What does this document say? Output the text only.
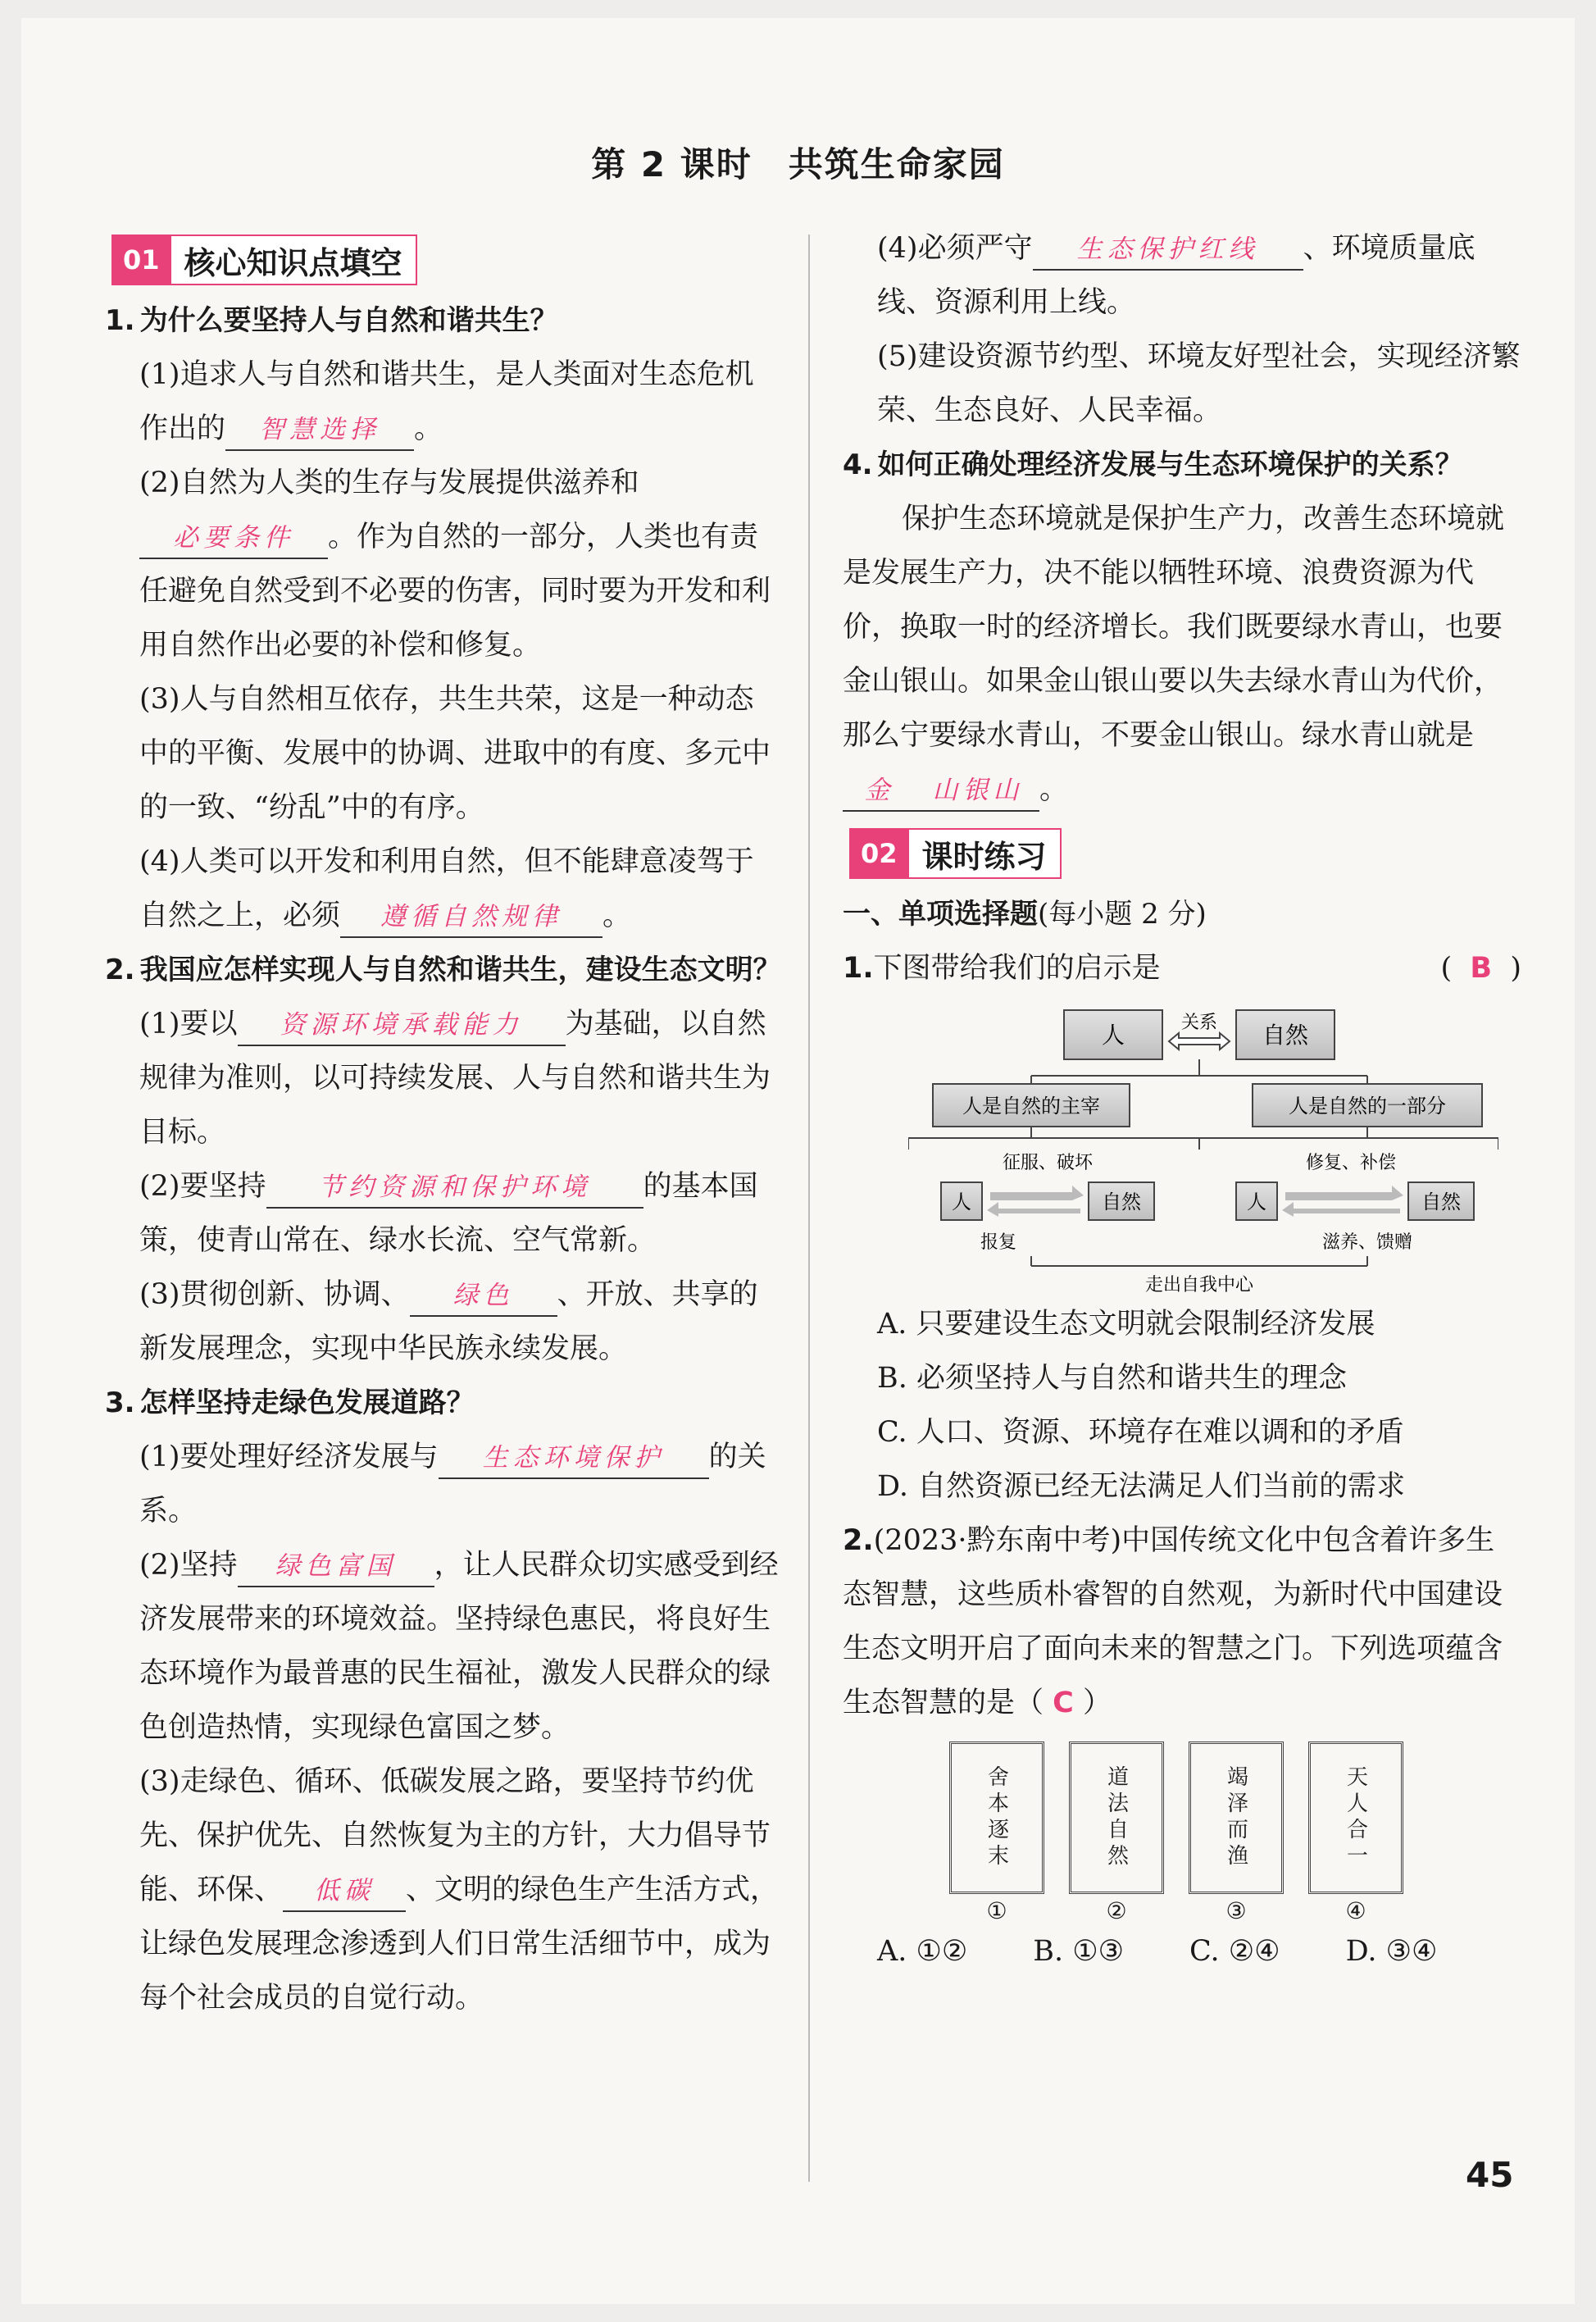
第 2 课时　共筑生命家园
01 核心知识点填空
1. 为什么要坚持人与自然和谐共生？
(1)追求人与自然和谐共生，是人类面对生态危机作出的 智慧选择 。
(2)自然为人类的生存与发展提供滋养和必要条件 。作为自然的一部分，人类也有责任避免自然受到不必要的伤害，同时要为开发和利用自然作出必要的补偿和修复。
(3)人与自然相互依存，共生共荣，这是一种动态中的平衡、发展中的协调、进取中的有度、多元中的一致、“纷乱”中的有序。
(4)人类可以开发和利用自然，但不能肆意凌驾于自然之上，必须 遵循自然规律 。
2. 我国应怎样实现人与自然和谐共生，建设生态文明？
(1)要以 资源环境承载能力 为基础，以自然规律为准则，以可持续发展、人与自然和谐共生为目标。
(2)要坚持 节约资源和保护环境 的基本国策，使青山常在、绿水长流、空气常新。
(3)贯彻创新、协调、 绿色 、开放、共享的新发展理念，实现中华民族永续发展。
3. 怎样坚持走绿色发展道路？
(1)要处理好经济发展与 生态环境保护 的关系。
(2)坚持 绿色富国 ，让人民群众切实感受到经济发展带来的环境效益。坚持绿色惠民，将良好生态环境作为最普惠的民生福祉，激发人民群众的绿色创造热情，实现绿色富国之梦。
(3)走绿色、循环、低碳发展之路，要坚持节约优先、保护优先、自然恢复为主的方针，大力倡导节能、环保、 低碳 、文明的绿色生产生活方式，让绿色发展理念渗透到人们日常生活细节中，成为每个社会成员的自觉行动。
(4)必须严守 生态保护红线 、环境质量底线、资源利用上线。
(5)建设资源节约型、环境友好型社会，实现经济繁荣、生态良好、人民幸福。
4. 如何正确处理经济发展与生态环境保护的关系？
保护生态环境就是保护生产力，改善生态环境就是发展生产力，决不能以牺牲环境、浪费资源为代价，换取一时的经济增长。我们既要绿水青山，也要金山银山。如果金山银山要以失去绿水青山为代价，那么宁要绿水青山，不要金山银山。绿水青山就是金 山银山 。
02 课时练习
一、单项选择题(每小题 2 分)
1.下图带给我们的启示是	(  B  )
人	自然
关系
人是自然的主宰	人是自然的一部分
征服、破坏
人	自然
报复
修复、补偿
人	自然
滋养、馈赠
走出自我中心
A. 只要建设生态文明就会限制经济发展
B. 必须坚持人与自然和谐共生的理念
C. 人口、资源、环境存在难以调和的矛盾
D. 自然资源已经无法满足人们当前的需求
2.(2023·黔东南中考)中国传统文化中包含着许多生态智慧，这些质朴睿智的自然观，为新时代中国建设生态文明开启了面向未来的智慧之门。下列选项蕴含生态智慧的是（ C ）
舍本逐末
①
道法自然
②
竭泽而渔
③
天人合一
④
A. ①② B. ①③ C. ②④ D. ③④
45
